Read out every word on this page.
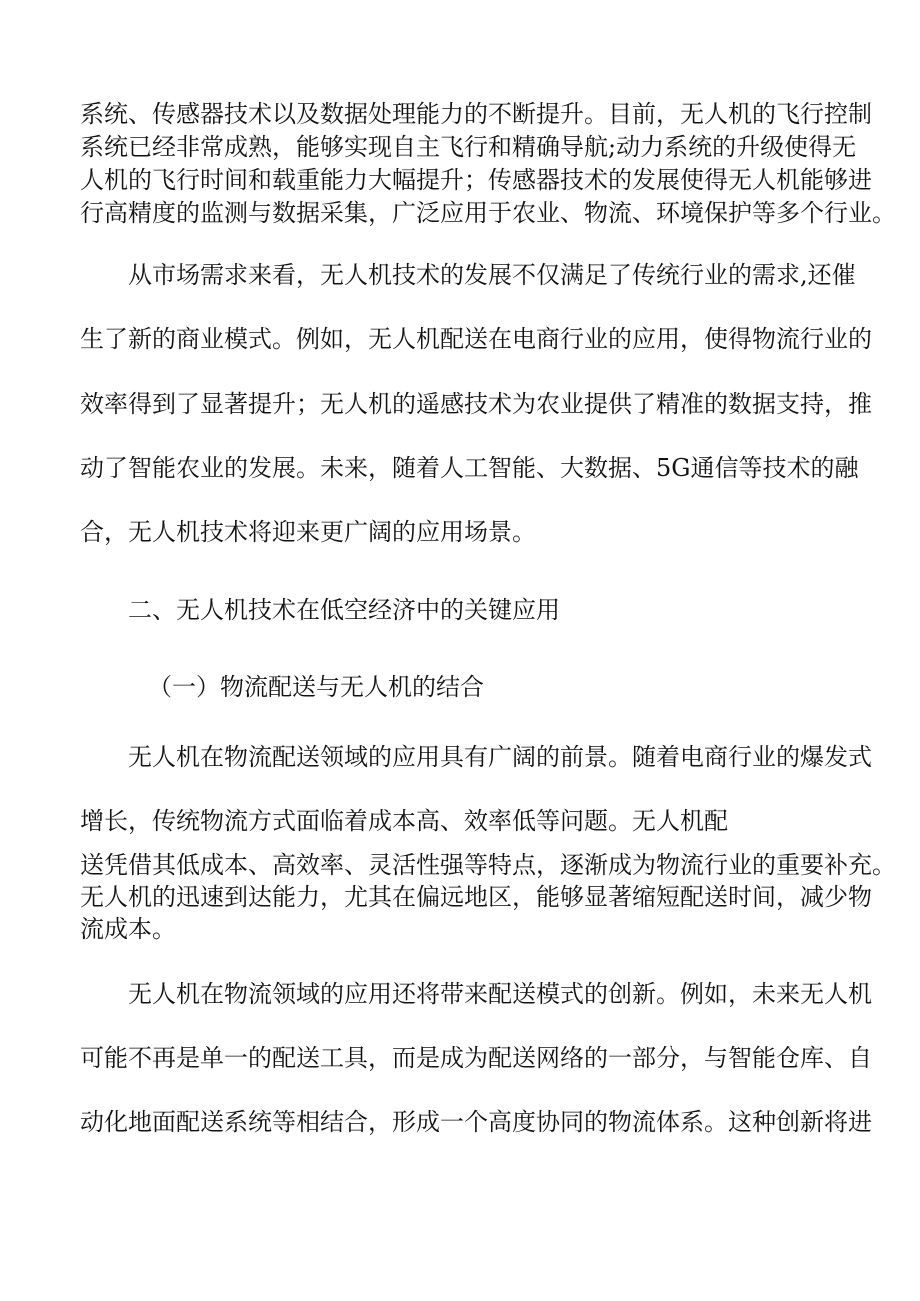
系统、传感器技术以及数据处理能力的不断提升。目前，无人机的飞行控制

系统已经非常成熟，能够实现自主飞行和精确导航;动力系统的升级使得无

人机的飞行时间和载重能力大幅提升；传感器技术的发展使得无人机能够进

行高精度的监测与数据采集，广泛应用于农业、物流、环境保护等多个行业。

从市场需求来看，无人机技术的发展不仅满足了传统行业的需求,还催

生了新的商业模式。例如，无人机配送在电商行业的应用，使得物流行业的

效率得到了显著提升；无人机的遥感技术为农业提供了精准的数据支持，推

动了智能农业的发展。未来，随着人工智能、大数据、5G通信等技术的融

合，无人机技术将迎来更广阔的应用场景。

二、无人机技术在低空经济中的关键应用
（一）物流配送与无人机的结合

无人机在物流配送领域的应用具有广阔的前景。随着电商行业的爆发式

增长，传统物流方式面临着成本高、效率低等问题。无人机配

送凭借其低成本、高效率、灵活性强等特点，逐渐成为物流行业的重要补充。

无人机的迅速到达能力，尤其在偏远地区，能够显著缩短配送时间，减少物

流成本。

无人机在物流领域的应用还将带来配送模式的创新。例如，未来无人机

可能不再是单一的配送工具，而是成为配送网络的一部分，与智能仓库、自

动化地面配送系统等相结合，形成一个高度协同的物流体系。这种创新将进
